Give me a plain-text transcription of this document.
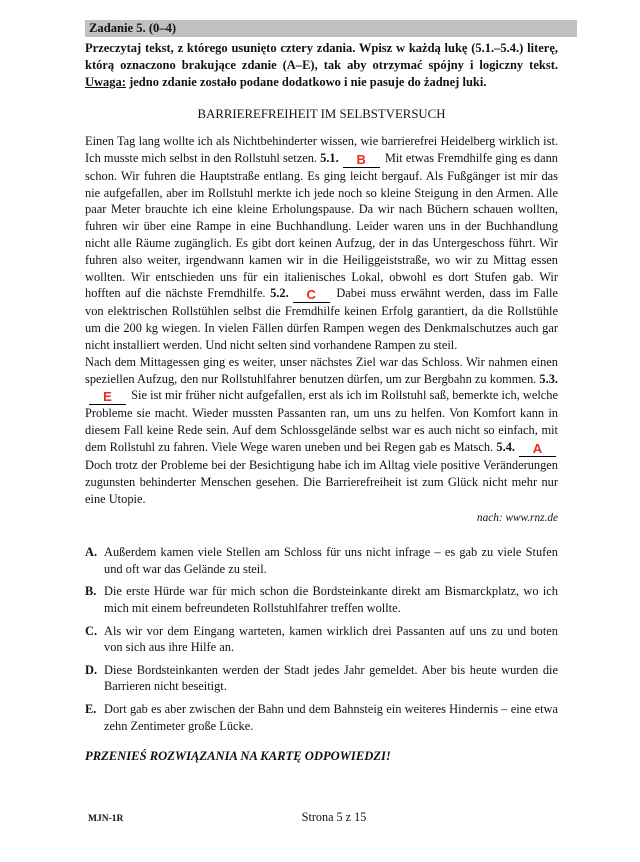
Zadanie 5. (0–4)

Przeczytaj tekst, z którego usunięto cztery zdania. Wpisz w każdą lukę (5.1.–5.4.) literę, którą oznaczono brakujące zdanie (A–E), tak aby otrzymać spójny i logiczny tekst.

Uwaga: jedno zdanie zostało podane dodatkowo i nie pasuje do żadnej luki.

BARRIEREFREIHEIT IM SELBSTVERSUCH

Einen Tag lang wollte ich als Nichtbehinderter wissen, wie barrierefrei Heidelberg wirklich ist. Ich musste mich selbst in den Rollstuhl setzen. 5.1. B Mit etwas Fremdhilfe ging es dann schon. Wir fuhren die Hauptstraße entlang. Es ging leicht bergauf. Als Fußgänger ist mir das nie aufgefallen, aber im Rollstuhl merkte ich jede noch so kleine Steigung in den Armen. Alle paar Meter brauchte ich eine kleine Erholungspause. Da wir nach Büchern schauen wollten, fuhren wir über eine Rampe in eine Buchhandlung. Leider waren uns in der Buchhandlung nicht alle Räume zugänglich. Es gibt dort keinen Aufzug, der in das Untergeschoss führt. Wir fuhren also weiter, irgendwann kamen wir in die Heiliggeiststraße, wo wir zu Mittag essen wollten. Wir entschieden uns für ein italienisches Lokal, obwohl es dort Stufen gab. Wir hofften auf die nächste Fremdhilfe. 5.2. C Dabei muss erwähnt werden, dass im Falle von elektrischen Rollstühlen selbst die Fremdhilfe keinen Erfolg garantiert, da die Rollstühle um die 200 kg wiegen. In vielen Fällen dürfen Rampen wegen des Denkmalschutzes auch gar nicht installiert werden. Und nicht selten sind vorhandene Rampen zu steil.

Nach dem Mittagessen ging es weiter, unser nächstes Ziel war das Schloss. Wir nahmen einen speziellen Aufzug, den nur Rollstuhlfahrer benutzen dürfen, um zur Bergbahn zu kommen. 5.3.E Sie ist mir früher nicht aufgefallen, erst als ich im Rollstuhl saß, bemerkte ich, welche Probleme sie macht. Wieder mussten Passanten ran, um uns zu helfen. Von Komfort kann in diesem Fall keine Rede sein. Auf dem Schlossgelände selbst war es auch nicht so einfach, mit dem Rollstuhl zu fahren. Viele Wege waren uneben und bei Regen gab es Matsch. 5.4. A Doch trotz der Probleme bei der Besichtigung habe ich im Alltag viele positive Veränderungen zugunsten behinderter Menschen gesehen. Die Barrierefreiheit ist zum Glück nicht mehr nur eine Utopie.

nach: www.rnz.de

A. Außerdem kamen viele Stellen am Schloss für uns nicht infrage – es gab zu viele Stufen und oft war das Gelände zu steil.
B. Die erste Hürde war für mich schon die Bordsteinkante direkt am Bismarckplatz, wo ich mich mit einem befreundeten Rollstuhlfahrer treffen wollte.
C. Als wir vor dem Eingang warteten, kamen wirklich drei Passanten auf uns zu und boten von sich aus ihre Hilfe an.
D. Diese Bordsteinkanten werden der Stadt jedes Jahr gemeldet. Aber bis heute wurden die Barrieren nicht beseitigt.
E. Dort gab es aber zwischen der Bahn und dem Bahnsteig ein weiteres Hindernis – eine etwa zehn Zentimeter große Lücke.

PRZENIEŚ ROZWIĄZANIA NA KARTĘ ODPOWIEDZI!

Strona 5 z 15
MJN-1R
